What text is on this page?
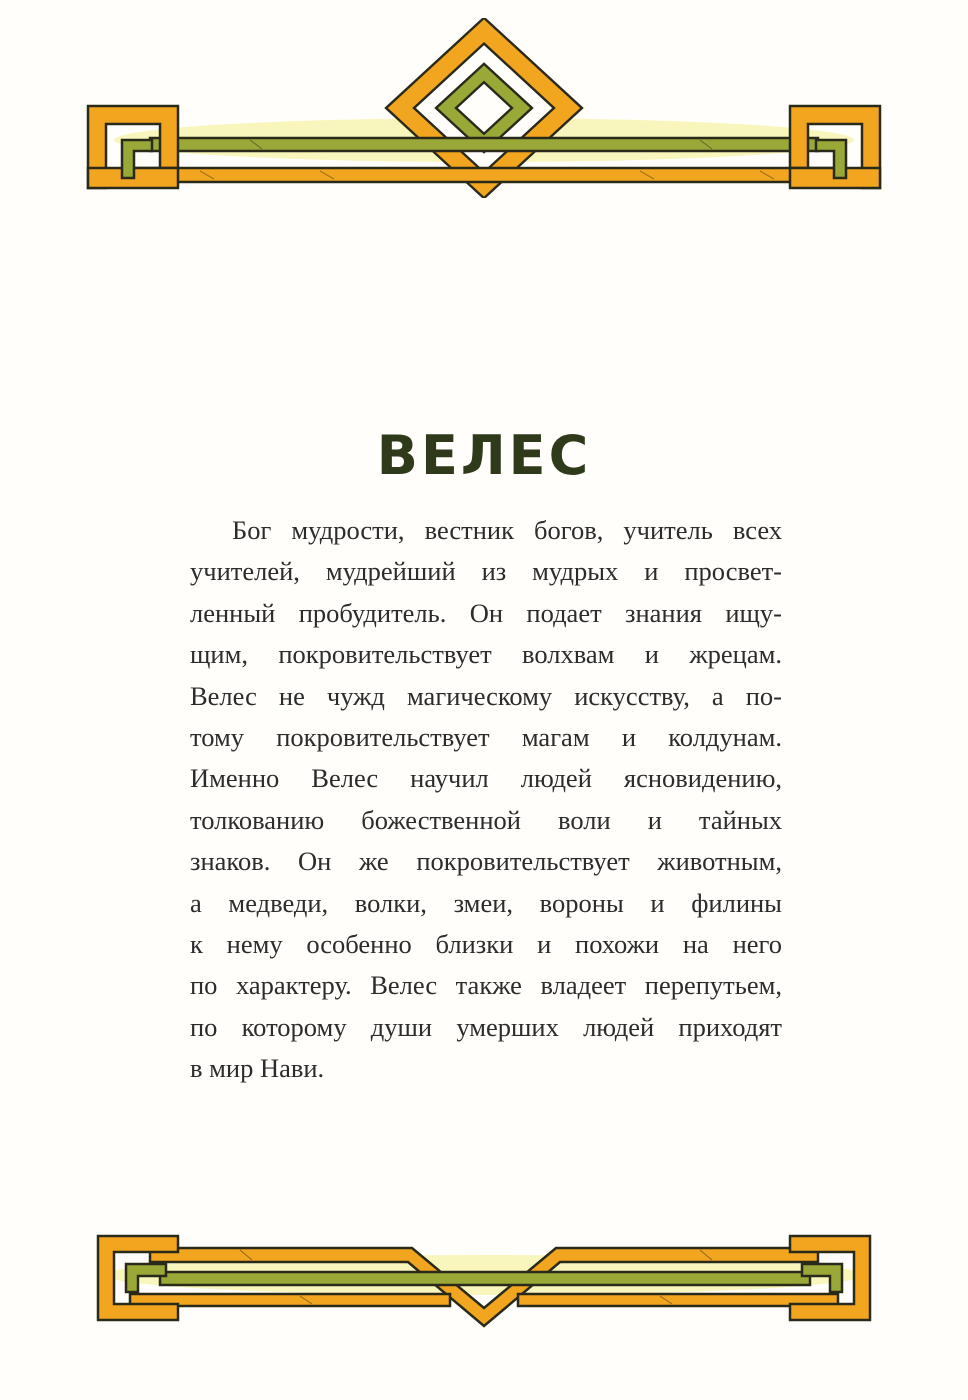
ВЕЛЕС

Бог мудрости, вестник богов, учитель всех
учителей, мудрейший из мудрых и просвет-
ленный пробудитель. Он подает знания ищу-
щим, покровительствует волхвам и жрецам.
Велес не чужд магическому искусству, а по-
тому покровительствует магам и колдунам.
Именно Велес научил людей ясновидению,
толкованию божественной воли и тайных
знаков. Он же покровительствует животным,
а медведи, волки, змеи, вороны и филины
к нему особенно близки и похожи на него
по характеру. Велес также владеет перепутьем,
по которому души умерших людей приходят
в мир Нави.
